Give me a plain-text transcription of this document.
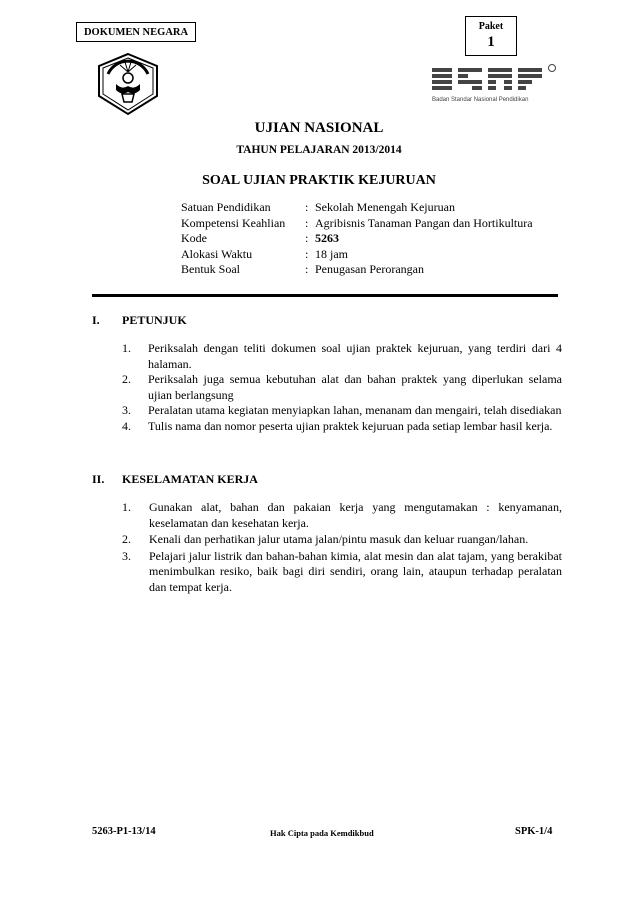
DOKUMEN NEGARA	Paket
1
Badan Standar Nasional Pendidikan
UJIAN NASIONAL
TAHUN PELAJARAN 2013/2014
SOAL UJIAN PRAKTIK KEJURUAN
Satuan Pendidikan	: Sekolah Menengah Kejuruan
Kompetensi Keahlian	: Agribisnis Tanaman Pangan dan Hortikultura
Kode	: 5263
Alokasi Waktu	: 18 jam
Bentuk Soal	: Penugasan Perorangan
I. PETUNJUK
1.	Periksalah dengan teliti dokumen soal ujian praktek kejuruan, yang terdiri dari 4 halaman.
2.	Periksalah juga semua kebutuhan alat dan bahan praktek yang diperlukan selama ujian berlangsung
3.	Peralatan utama kegiatan menyiapkan lahan, menanam dan mengairi, telah disediakan
4.	Tulis nama dan nomor peserta ujian praktek kejuruan pada setiap lembar hasil kerja.
II. KESELAMATAN KERJA
1.	Gunakan alat, bahan dan pakaian kerja yang mengutamakan : kenyamanan, keselamatan dan kesehatan kerja.
2.	Kenali dan perhatikan jalur utama jalan/pintu masuk dan keluar ruangan/lahan.
3.	Pelajari jalur listrik dan bahan-bahan kimia, alat mesin dan alat tajam, yang berakibat menimbulkan resiko, baik bagi diri sendiri, orang lain, ataupun terhadap peralatan dan tempat kerja.
5263-P1-13/14	Hak Cipta pada Kemdikbud	SPK-1/4
